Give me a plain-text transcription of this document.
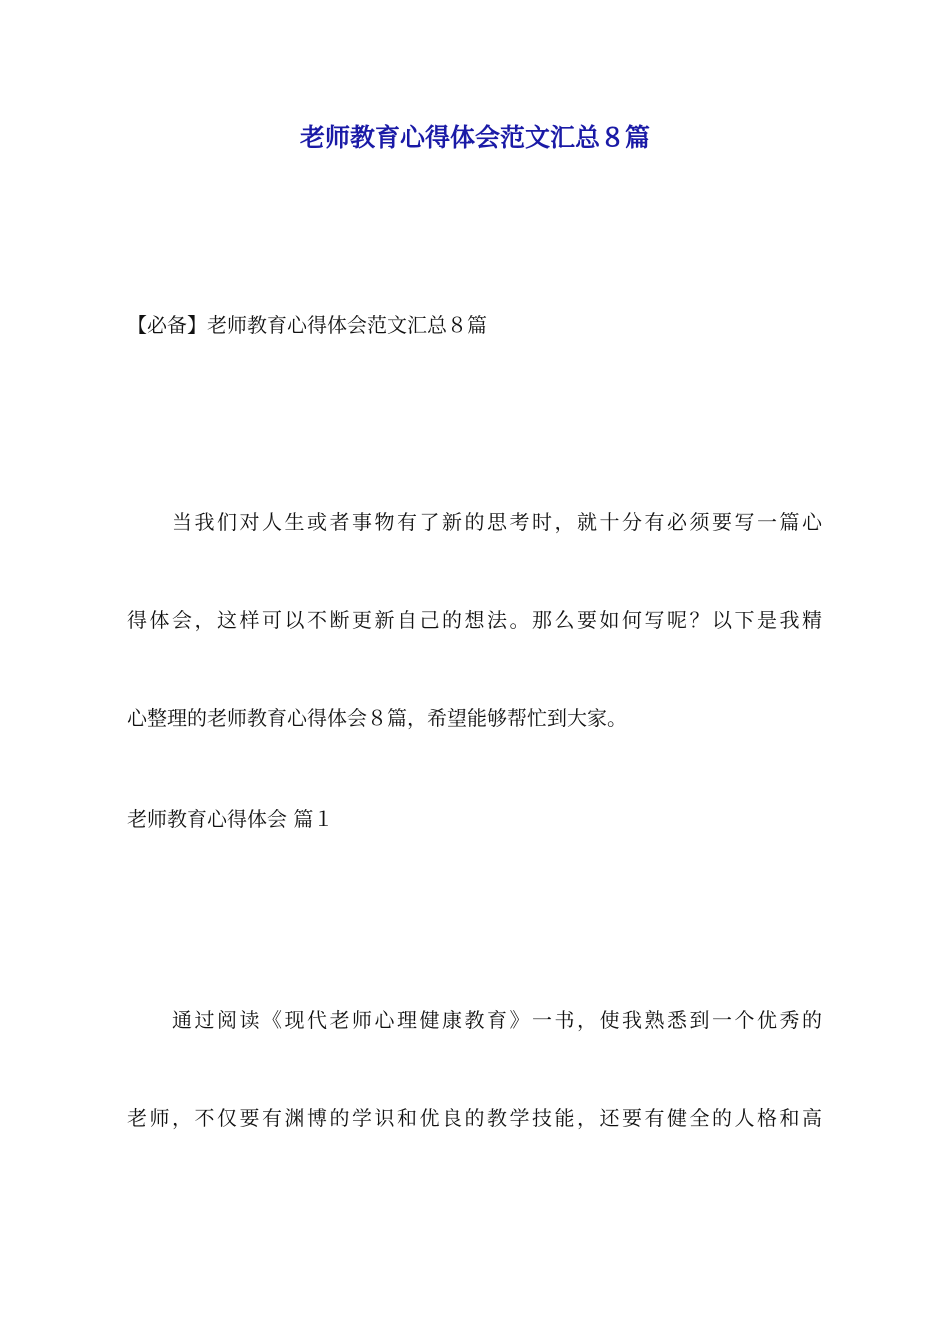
老师教育心得体会范文汇总８篇

【必备】老师教育心得体会范文汇总８篇

当我们对人生或者事物有了新的思考时，就十分有必须要写一篇心

得体会，这样可以不断更新自己的想法。那么要如何写呢？以下是我精

心整理的老师教育心得体会８篇，希望能够帮忙到大家。

老师教育心得体会 篇１

通过阅读《现代老师心理健康教育》一书，使我熟悉到一个优秀的

老师，不仅要有渊博的学识和优良的教学技能，还要有健全的人格和高
